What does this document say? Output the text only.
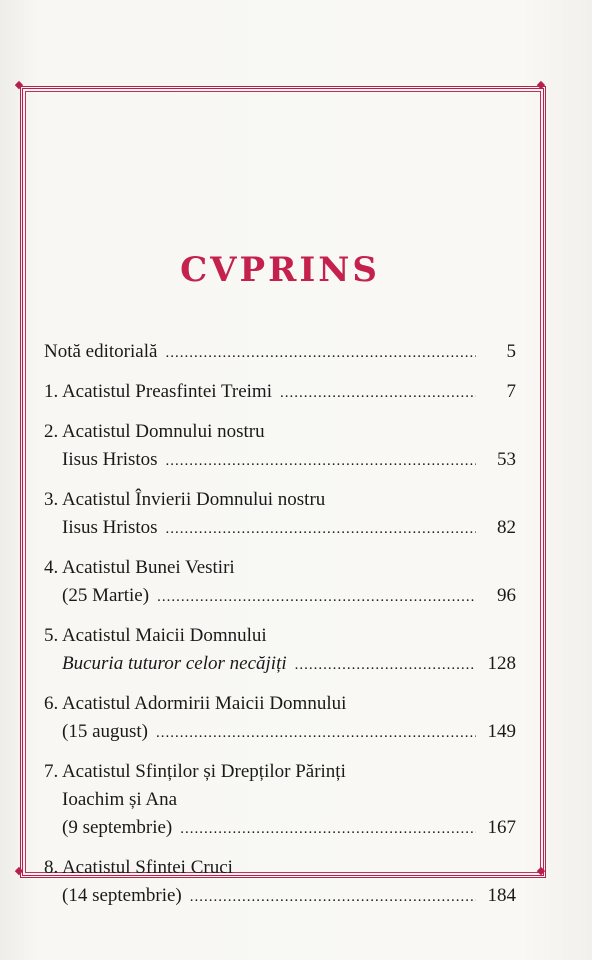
◆	◆
◆	◆
CVPRINS
Notă editorială .....	5
1. Acatistul Preasfintei Treimi .....	7
2. Acatistul Domnului nostru
Iisus Hristos .....	53
3. Acatistul Învierii Domnului nostru
Iisus Hristos .....	82
4. Acatistul Bunei Vestiri
(25 Martie) .....	96
5. Acatistul Maicii Domnului
Bucuria tuturor celor necăjiți .....	128
6. Acatistul Adormirii Maicii Domnului
(15 august) .....	149
7. Acatistul Sfinților și Drepților Părinți
Ioachim și Ana
(9 septembrie) .....	167
8. Acatistul Sfintei Cruci
(14 septembrie) .....	184
